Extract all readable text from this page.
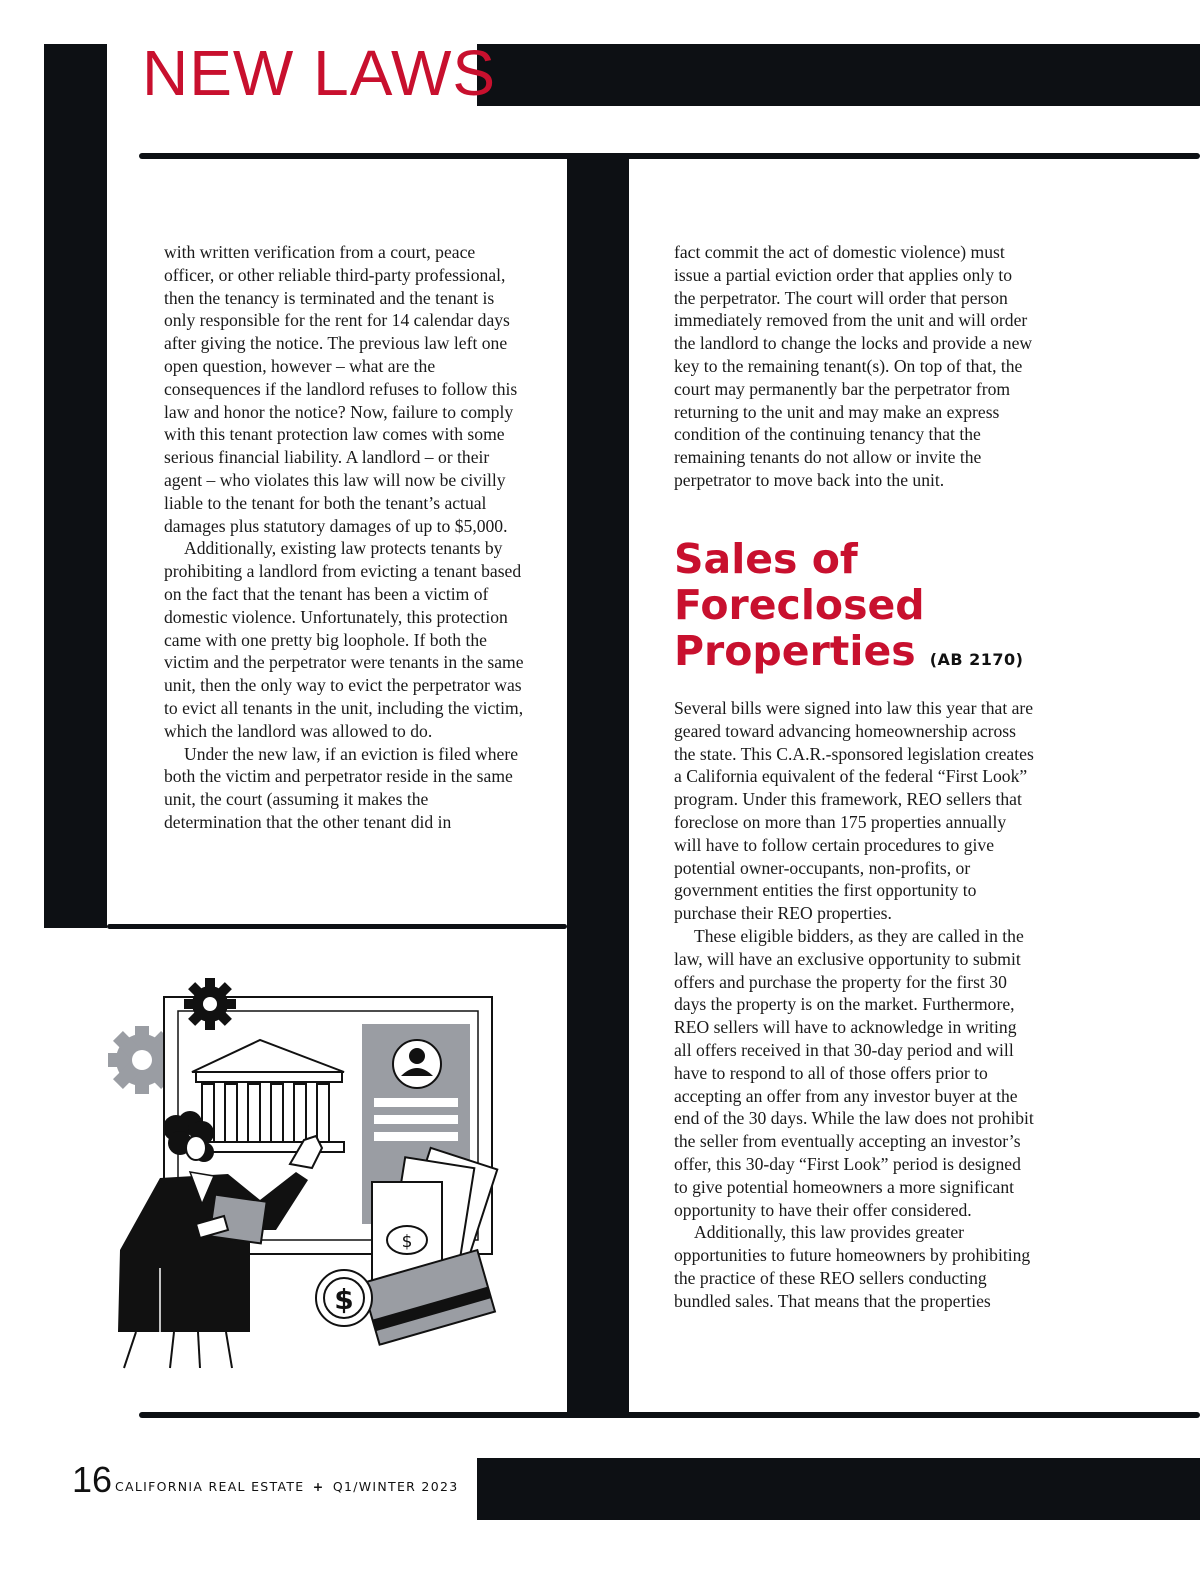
NEW LAWS

with written verification from a court, peace officer, or other reliable third-party professional, then the tenancy is terminated and the tenant is only responsible for the rent for 14 calendar days after giving the notice. The previous law left one open question, however – what are the consequences if the landlord refuses to follow this law and honor the notice? Now, failure to comply with this tenant protection law comes with some serious financial liability. A landlord – or their agent – who violates this law will now be civilly liable to the tenant for both the tenant’s actual damages plus statutory damages of up to $5,000.

Additionally, existing law protects tenants by prohibiting a landlord from evicting a tenant based on the fact that the tenant has been a victim of domestic violence. Unfortunately, this protection came with one pretty big loophole. If both the victim and the perpetrator were tenants in the same unit, then the only way to evict the perpetrator was to evict all tenants in the unit, including the victim, which the landlord was allowed to do.

Under the new law, if an eviction is filed where both the victim and perpetrator reside in the same unit, the court (assuming it makes the determination that the other tenant did in

fact commit the act of domestic violence) must issue a partial eviction order that applies only to the perpetrator. The court will order that person immediately removed from the unit and will order the landlord to change the locks and provide a new key to the remaining tenant(s). On top of that, the court may permanently bar the perpetrator from returning to the unit and may make an express condition of the continuing tenancy that the remaining tenants do not allow or invite the perpetrator to move back into the unit.

Sales of
Foreclosed
Properties (AB 2170)

Several bills were signed into law this year that are geared toward advancing homeownership across the state. This C.A.R.-sponsored legislation creates a California equivalent of the federal “First Look” program. Under this framework, REO sellers that foreclose on more than 175 properties annually will have to follow certain procedures to give potential owner-occupants, non-profits, or government entities the first opportunity to purchase their REO properties.

These eligible bidders, as they are called in the law, will have an exclusive opportunity to submit offers and purchase the property for the first 30 days the property is on the market. Furthermore, REO sellers will have to acknowledge in writing all offers received in that 30-day period and will have to respond to all of those offers prior to accepting an offer from any investor buyer at the end of the 30 days. While the law does not prohibit the seller from eventually accepting an investor’s offer, this 30-day “First Look” period is designed to give potential homeowners a more significant opportunity to have their offer considered.

Additionally, this law provides greater opportunities to future homeowners by prohibiting the practice of these REO sellers conducting bundled sales. That means that the properties

$
$

16 CALIFORNIA REAL ESTATE + Q1/WINTER 2023
